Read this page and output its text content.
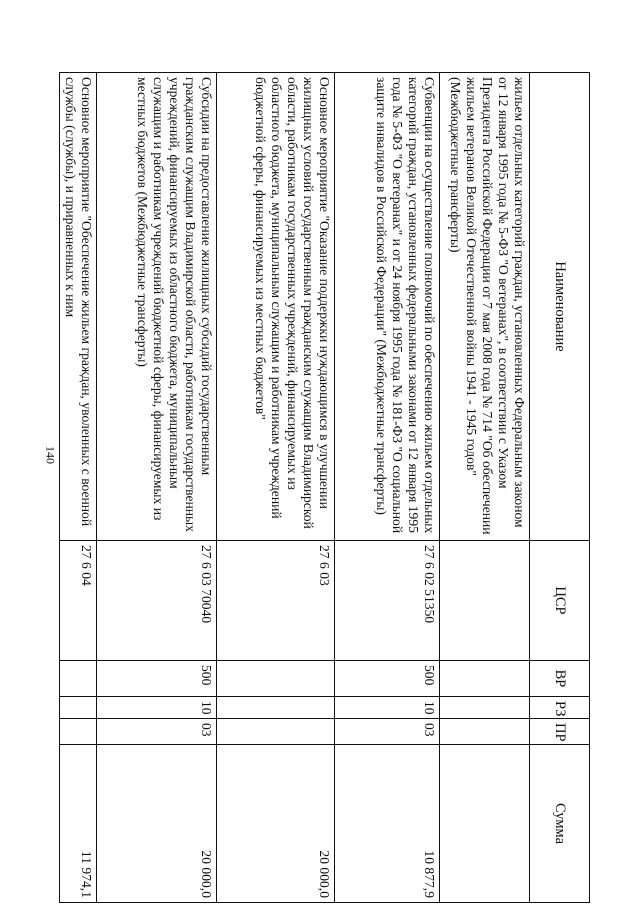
140
Наименование	ЦСР	ВР	РЗ	ПР	Сумма
жильем отдельных категорий граждан, установленных Федеральным законом от 12 января 1995 года № 5-ФЗ "О ветеранах", в соответствии с Указом Президента Российской Федерации от 7 мая 2008 года № 714 "Об обеспечении жильем ветеранов Великой Отечественной войны 1941 - 1945 годов" (Межбюджетные трансферты)					
Субвенции на осуществление полномочий по обеспечению жильем отдельных категорий граждан, установленных федеральными законами от 12 января 1995 года № 5-ФЗ "О ветеранах" и от 24 ноября 1995 года № 181-ФЗ "О социальной защите инвалидов в Российской Федерации" (Межбюджетные трансферты)	27 6 02 51350	500	10	03	10 877,9
Основное мероприятие "Оказание поддержки нуждающимся в улучшении жилищных условий государственным гражданским служащим Владимирской области, работникам государственных учреждений, финансируемых из областного бюджета, муниципальным служащим и работникам учреждений бюджетной сферы, финансируемых из местных бюджетов"	27 6 03				20 000,0
Субсидии на предоставление жилищных субсидий государственным гражданским служащим Владимирской области, работникам государственных учреждений, финансируемых из областного бюджета, муниципальным служащим и работникам учреждений бюджетной сферы, финансируемых из местных бюджетов (Межбюджетные трансферты)	27 6 03 70040	500	10	03	20 000,0
Основное мероприятие "Обеспечение жильем граждан, уволенных с военной службы (службы), и приравненных к ним	27 6 04				11 974,1
